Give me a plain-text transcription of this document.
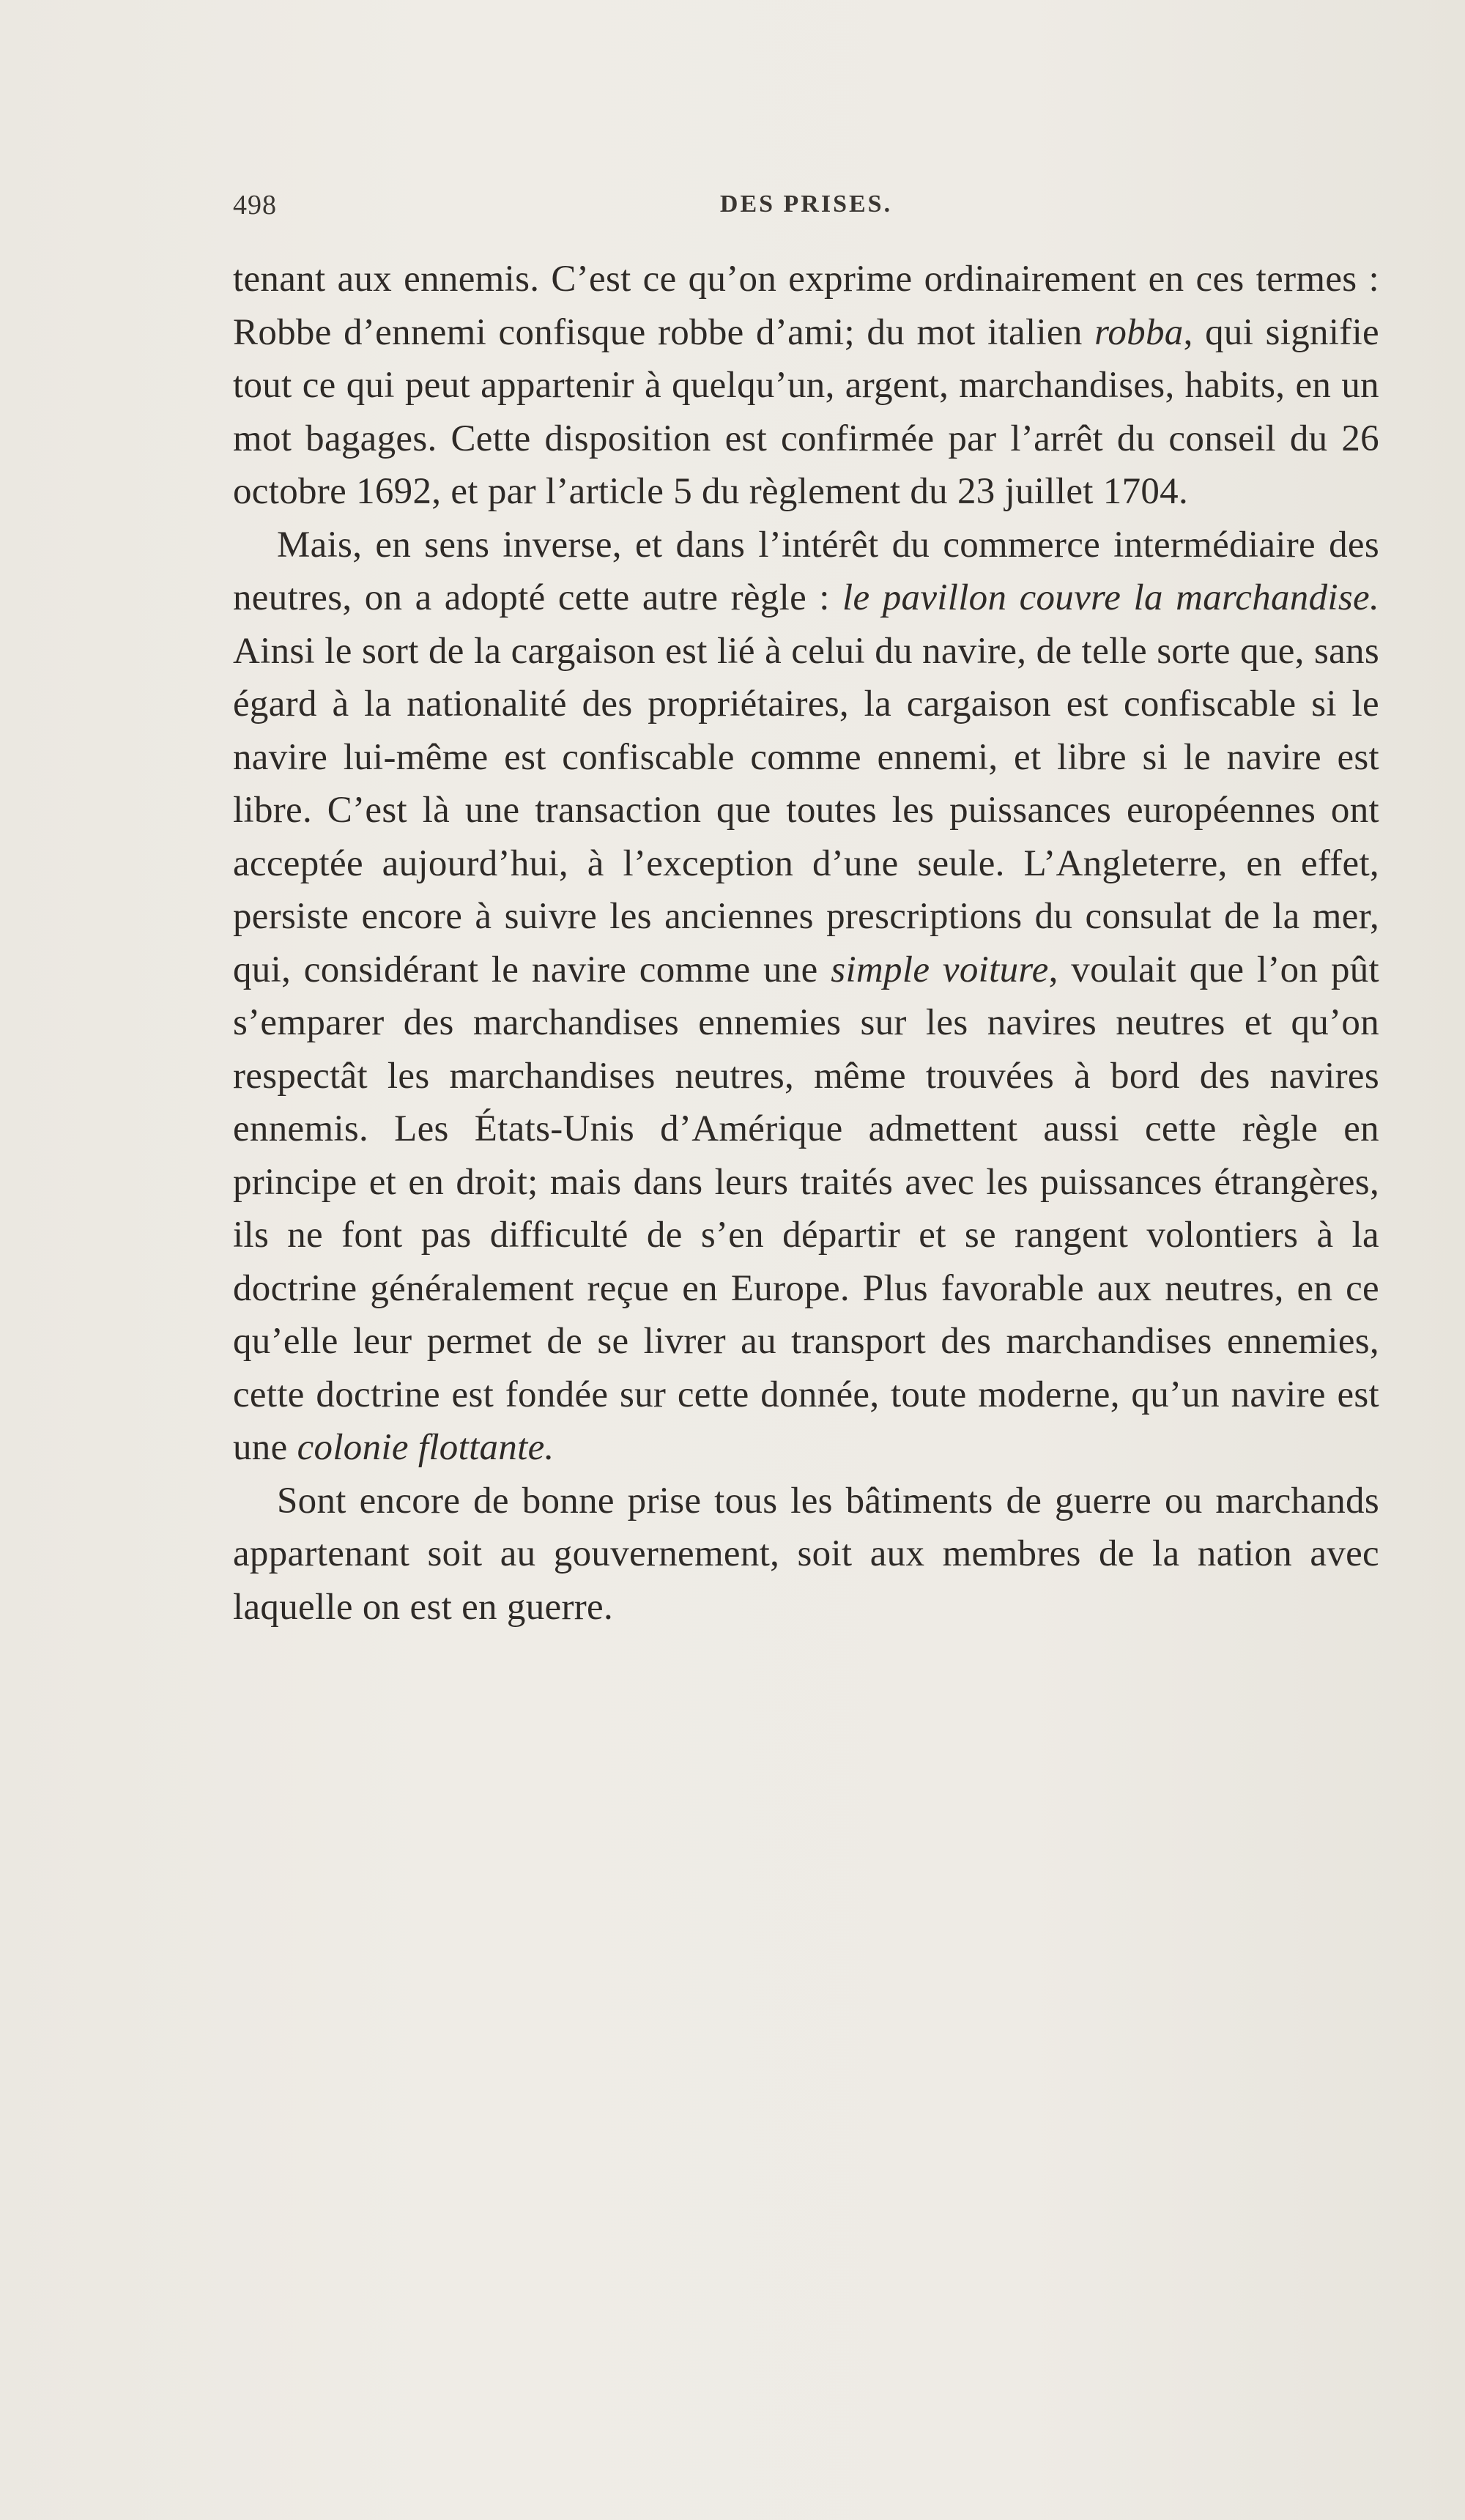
498	DES PRISES.

tenant aux ennemis. C’est ce qu’on exprime ordinairement en ces termes : Robbe d’ennemi confisque robbe d’ami; du mot italien robba, qui signifie tout ce qui peut appartenir à quelqu’un, argent, marchandises, habits, en un mot bagages. Cette disposition est confirmée par l’arrêt du conseil du 26 octobre 1692, et par l’article 5 du règlement du 23 juillet 1704.

Mais, en sens inverse, et dans l’intérêt du commerce intermédiaire des neutres, on a adopté cette autre règle : le pavillon couvre la marchandise. Ainsi le sort de la cargaison est lié à celui du navire, de telle sorte que, sans égard à la nationalité des propriétaires, la cargaison est confiscable si le navire lui-même est confiscable comme ennemi, et libre si le navire est libre. C’est là une transaction que toutes les puissances européennes ont acceptée aujourd’hui, à l’exception d’une seule. L’Angleterre, en effet, persiste encore à suivre les anciennes prescriptions du consulat de la mer, qui, considérant le navire comme une simple voiture, voulait que l’on pût s’emparer des marchandises ennemies sur les navires neutres et qu’on respectât les marchandises neutres, même trouvées à bord des navires ennemis. Les États-Unis d’Amérique admettent aussi cette règle en principe et en droit; mais dans leurs traités avec les puissances étrangères, ils ne font pas difficulté de s’en départir et se rangent volontiers à la doctrine généralement reçue en Europe. Plus favorable aux neutres, en ce qu’elle leur permet de se livrer au transport des marchandises ennemies, cette doctrine est fondée sur cette donnée, toute moderne, qu’un navire est une colonie flottante.

Sont encore de bonne prise tous les bâtiments de guerre ou marchands appartenant soit au gouvernement, soit aux membres de la nation avec laquelle on est en guerre.
